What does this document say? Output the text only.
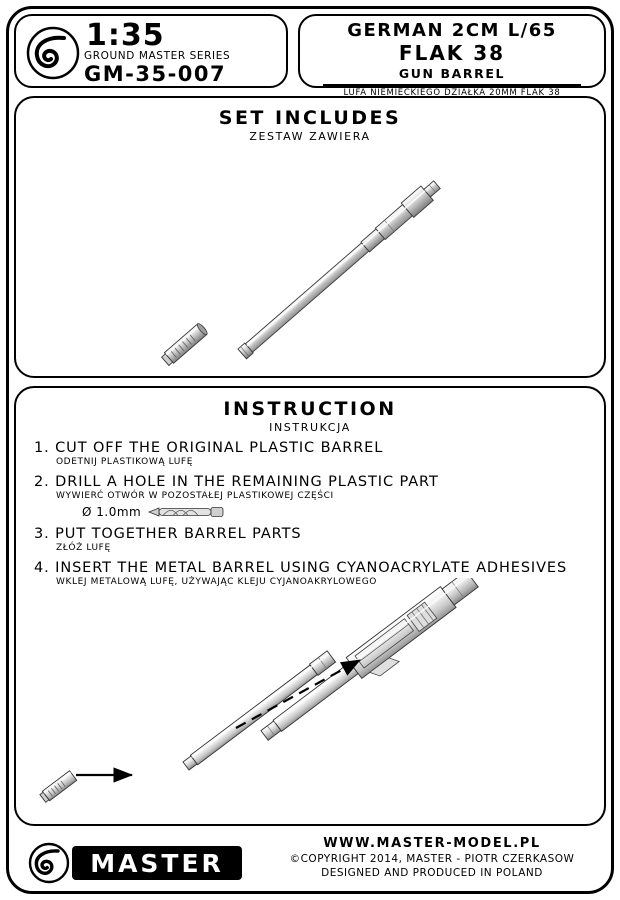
1:35
GROUND MASTER SERIES
GM-35-007
GERMAN 2CM L/65
FLAK 38
GUN BARREL
LUFA NIEMIECKIEGO DZIAŁKA 20MM FLAK 38
SET INCLUDES
ZESTAW ZAWIERA
INSTRUCTION
INSTRUKCJA
1. CUT OFF THE ORIGINAL PLASTIC BARREL
ODETNIJ PLASTIKOWĄ LUFĘ
2. DRILL A HOLE IN THE REMAINING PLASTIC PART
WYWIERĆ OTWÓR W POZOSTAŁEJ PLASTIKOWEJ CZĘŚCI
Ø 1.0mm
3. PUT TOGETHER BARREL PARTS
ZŁÓŻ LUFĘ
4. INSERT THE METAL BARREL USING CYANOACRYLATE ADHESIVES
WKLEJ METALOWĄ LUFĘ, UŻYWAJĄC KLEJU CYJANOAKRYLOWEGO
MASTER
WWW.MASTER-MODEL.PL
©COPYRIGHT 2014, MASTER - PIOTR CZERKASOW
DESIGNED AND PRODUCED IN POLAND
